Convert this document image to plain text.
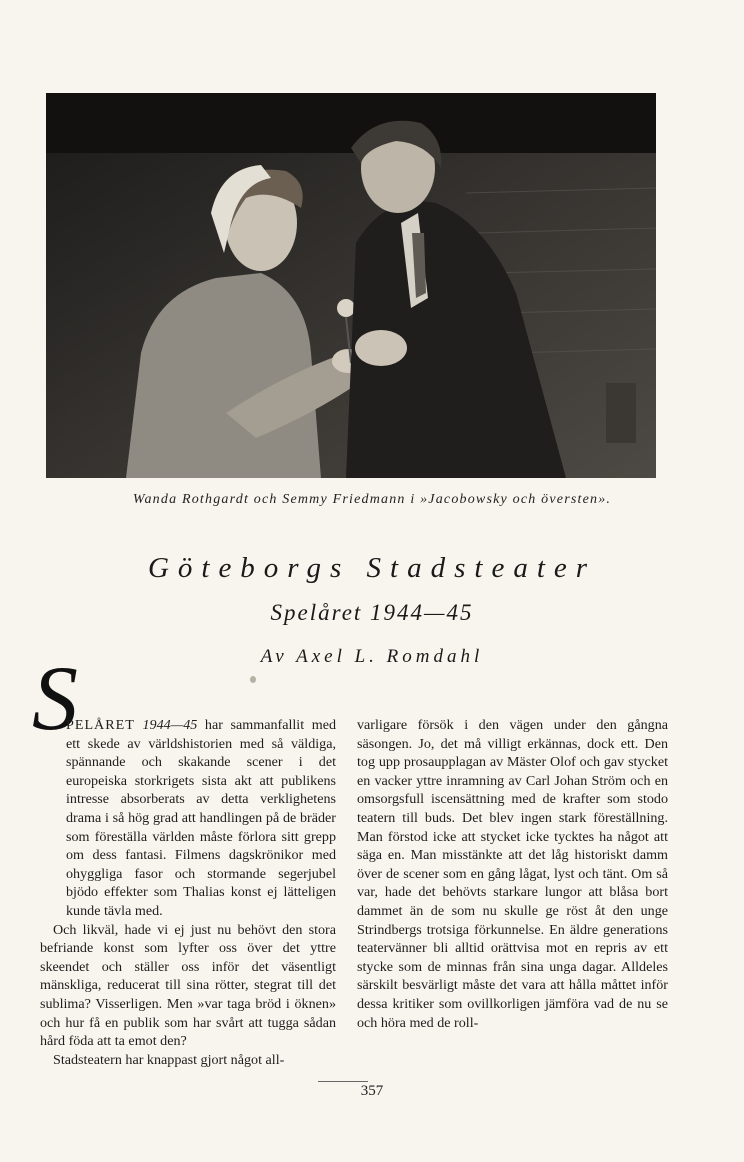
Wanda Rothgardt och Semmy Friedmann i »Jacobowsky och översten».
Göteborgs Stadsteater
Spelåret 1944—45
Av Axel L. Romdahl
S

PELÅRET 1944—45 har sammanfallit med ett skede av världshistorien med så väldiga, spännande och skakande scener i det europeiska storkrigets sista akt att publikens intresse absorberats av detta verklighetens drama i så hög grad att handlingen på de bräder som föreställa världen måste förlora sitt grepp om dess fantasi. Filmens dagskrönikor med ohyggliga fasor och stormande segerjubel bjödo effekter som Thalias konst ej lätteligen kunde tävla med.

Och likväl, hade vi ej just nu behövt den stora befriande konst som lyfter oss över det yttre skeendet och ställer oss inför det väsentligt mänskliga, reducerat till sina rötter, stegrat till det sublima? Visserligen. Men »var taga bröd i öknen» och hur få en publik som har svårt att tugga sådan hård föda att ta emot den?

Stadsteatern har knappast gjort något all-

varligare försök i den vägen under den gångna säsongen. Jo, det må villigt erkännas, dock ett. Den tog upp prosaupplagan av Mäster Olof och gav stycket en vacker yttre inramning av Carl Johan Ström och en omsorgsfull iscensättning med de krafter som stodo teatern till buds. Det blev ingen stark föreställning. Man förstod icke att stycket icke tycktes ha något att säga en. Man misstänkte att det låg historiskt damm över de scener som en gång lågat, lyst och tänt. Om så var, hade det behövts starkare lungor att blåsa bort dammet än de som nu skulle ge röst åt den unge Strindbergs trotsiga förkunnelse. En äldre generations teatervänner bli alltid orättvisa mot en repris av ett stycke som de minnas från sina unga dagar. Alldeles särskilt besvärligt måste det vara att hålla måttet inför dessa kritiker som ovillkorligen jämföra vad de nu se och höra med de roll-

357
